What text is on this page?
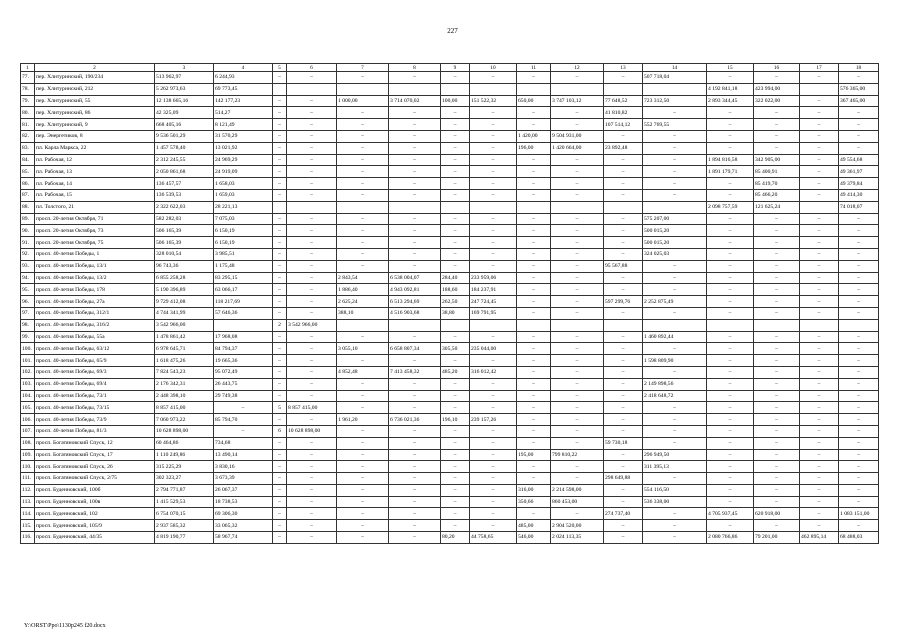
227
1	2	3	4	5	6	7	8	9	10	11	12	13	14	15	16	17	18
77.	пер. Хлитуринский, 190/234	513 962,97	6 244,93	–	–	–	–	–	–	–	–	–	507 718,04	–	–	–	–
78.	пер. Хлитуринский, 212	5 262 973,63	69 773,45											4 192 841,18	423 994,00		576 365,00
79.	пер. Хлитуринский, 55	12 138 665,16	142 177,23	–	–	1 000,00	3 714 070,02	100,00	151 522,32	650,00	3 747 103,12	77 648,52	723 312,50	2 893 344,45	322 022,00	–	367 465,00
80.	пер. Хлитуринский, 86	42 325,09	514,27	–	–	–	–	–	–	–	–	41 810,82	–	–	–	–	–
81.	пер. Хлитуринский, 9	668 405,16	8 121,49	–	–	–	–	–	–	–	–	107 514,12	552 769,55	–	–	–	–
82.	пер. Энергетиков, 8	9 536 501,29	31 570,29	–	–	–	–	–	–	1 420,00	9 504 931,00	–	–	–	–	–	–
83.	пл. Карла Маркса, 22	1 457 578,40	13 021,92	–	–	–	–	–	–	196,00	1 420 664,00	23 892,48	–	–	–	–	–
84.	пл. Рабочая, 12	2 312 245,55	24 969,29	–	–	–	–	–	–	–	–	–	–	1 894 816,58	342 905,00	–	49 554,68
85.	пл. Рабочая, 13	2 050 861,68	24 919,09	–	–	–	–	–	–	–	–	–	–	1 891 179,71	85 400,91	–	49 361,97
86.	пл. Рабочая, 14	136 457,57	1 658,03	–	–	–	–	–	–	–	–	–	–	–	85 419,70	–	49 379,84
87.	пл. Рабочая, 15	136 539,53	1 659,03	–	–	–	–	–	–	–	–	–	–	–	85 466,20	–	49 414,30
88.	пл. Толстого, 21	2 322 622,03	28 221,13											2 098 757,59	121 625,24		74 018,07
89.	просп. 20-летия Октября, 71	582 282,03	7 075,03	–	–	–	–	–	–	–	–	–	575 207,00	–	–	–	–
90.	просп. 20-летия Октября, 73	506 165,39	6 150,19	–	–	–	–	–	–	–	–	–	500 015,20	–	–	–	–
91.	просп. 20-летия Октября, 75	506 165,39	6 150,19	–	–	–	–	–	–	–	–	–	500 015,20	–	–	–	–
92.	просп. 40-летия Победы, 1	328 010,54	3 985,51	–	–	–	–	–	–	–	–	–	324 025,03	–	–	–	–
93.	просп. 40-летия Победы, 13/1	96 743,36	1 175,48	–	–	–	–	–	–	–	–	95 567,88	–	–	–	–	–
94.	просп. 40-летия Победы, 13/2	6 855 258,28	83 295,15	–	–	2 843,54	6 538 004,07	284,40	233 959,06	–	–	–	–	–	–	–	–
95.	просп. 40-летия Победы, 178	5 190 396,89	63 066,17	–	–	1 886,40	4 943 092,81	188,60	184 237,91	–	–	–	–	–	–	–	–
96.	просп. 40-летия Победы, 27а	9 729 412,08	118 217,69	–	–	2 625,24	6 513 294,69	262,50	247 724,45	–	–	597 299,76	2 252 875,49	–	–	–	–
97.	просп. 40-летия Победы, 312/1	4 744 341,99	57 646,36	–	–	388,10	4 516 903,68	38,80	169 791,95	–	–	–	–	–	–	–	–
98.	просп. 40-летия Победы, 316/2	3 542 966,00		2	3 542 966,00												
99.	просп. 40-летия Победы, 55а	1 478 861,42	17 968,08	–	–	–	–	–	–	–	–	–	1 460 892,44	–	–	–	–
100.	просп. 40-летия Победы, 63/12	6 978 645,71	84 794,37	–	–	3 055,10	6 658 807,34	305,50	235 044,00	–	–	–	–	–	–	–	–
101.	просп. 40-летия Победы, 65/9	1 618 475,26	19 665,36	–	–	–	–	–	–	–	–	–	1 598 809,90	–	–	–	–
102.	просп. 40-летия Победы, 69/3	7 824 543,23	95 072,49	–	–	4 852,48	7 413 458,32	485,20	316 012,42	–	–	–	–	–	–	–	–
103.	просп. 40-летия Победы, 69/4	2 176 342,31	26 443,75	–	–	–	–	–	–	–	–	–	2 149 898,56	–	–	–	–
104.	просп. 40-летия Победы, 73/1	2 448 398,10	29 749,38	–	–	–	–	–	–	–	–	–	2 418 648,72	–	–	–	–
105.	просп. 40-летия Победы, 73/15	8 857 415,00	–	5	8 857 415,00	–	–	–	–	–	–	–	–	–	–	–	–
106.	просп. 40-летия Победы, 73/9	7 060 973,22	85 794,70	–	–	1 961,20	6 736 021,36	196,10	239 157,26	–	–	–	–	–	–	–	–
107.	просп. 40-летия Победы, 81/3	10 628 898,00	–	6	10 628 898,00	–	–	–	–	–	–	–	–	–	–	–	–
108.	просп. Богатяновский Спуск, 12	60 464,86	734,68	–	–	–	–	–	–	–	–	59 730,18	–	–	–	–	–
109.	просп. Богатяновский Спуск, 17	1 110 249,86	13 490,14	–	–	–	–	–	–	195,00	799 810,22	–	296 949,50	–	–	–	–
110.	просп. Богатяновский Спуск, 26	315 225,29	3 830,16	–	–	–	–	–	–	–	–	–	311 395,13	–	–	–	–
111.	просп. Богатяновский Спуск, 2/75	302 323,27	3 673,39	–	–	–	–	–	–	–	–	298 649,88	–	–	–	–	–
112.	просп. Буденновский, 100б	2 794 771,87	26 067,37	–	–	–	–	–	–	316,00	2 214 598,00	–	554 116,50	–	–	–	–
113.	просп. Буденновский, 100в	1 415 529,53	18 738,53	–	–	–	–	–	–	350,66	860 453,00	–	536 338,00	–	–	–	–
114.	просп. Буденновский, 102	6 754 070,15	69 306,30	–	–	–	–	–	–	–	–	274 737,40	–	4 705 937,45	620 918,00	–	1 083 151,00
115.	просп. Буденновский, 105/9	2 937 585,32	33 065,32	–	–	–	–	–	–	485,00	2 904 520,00	–	–	–	–	–	–
116.	просп. Буденновский, 44/35	4 819 190,77	58 967,74	–	–	–	–	80,20	44 758,65	546,00	2 024 113,35	–	–	2 080 766,86	79 201,00	462 895,14	68 488,03
Y:\ORST\Ppo\1130p245 f20.docx
